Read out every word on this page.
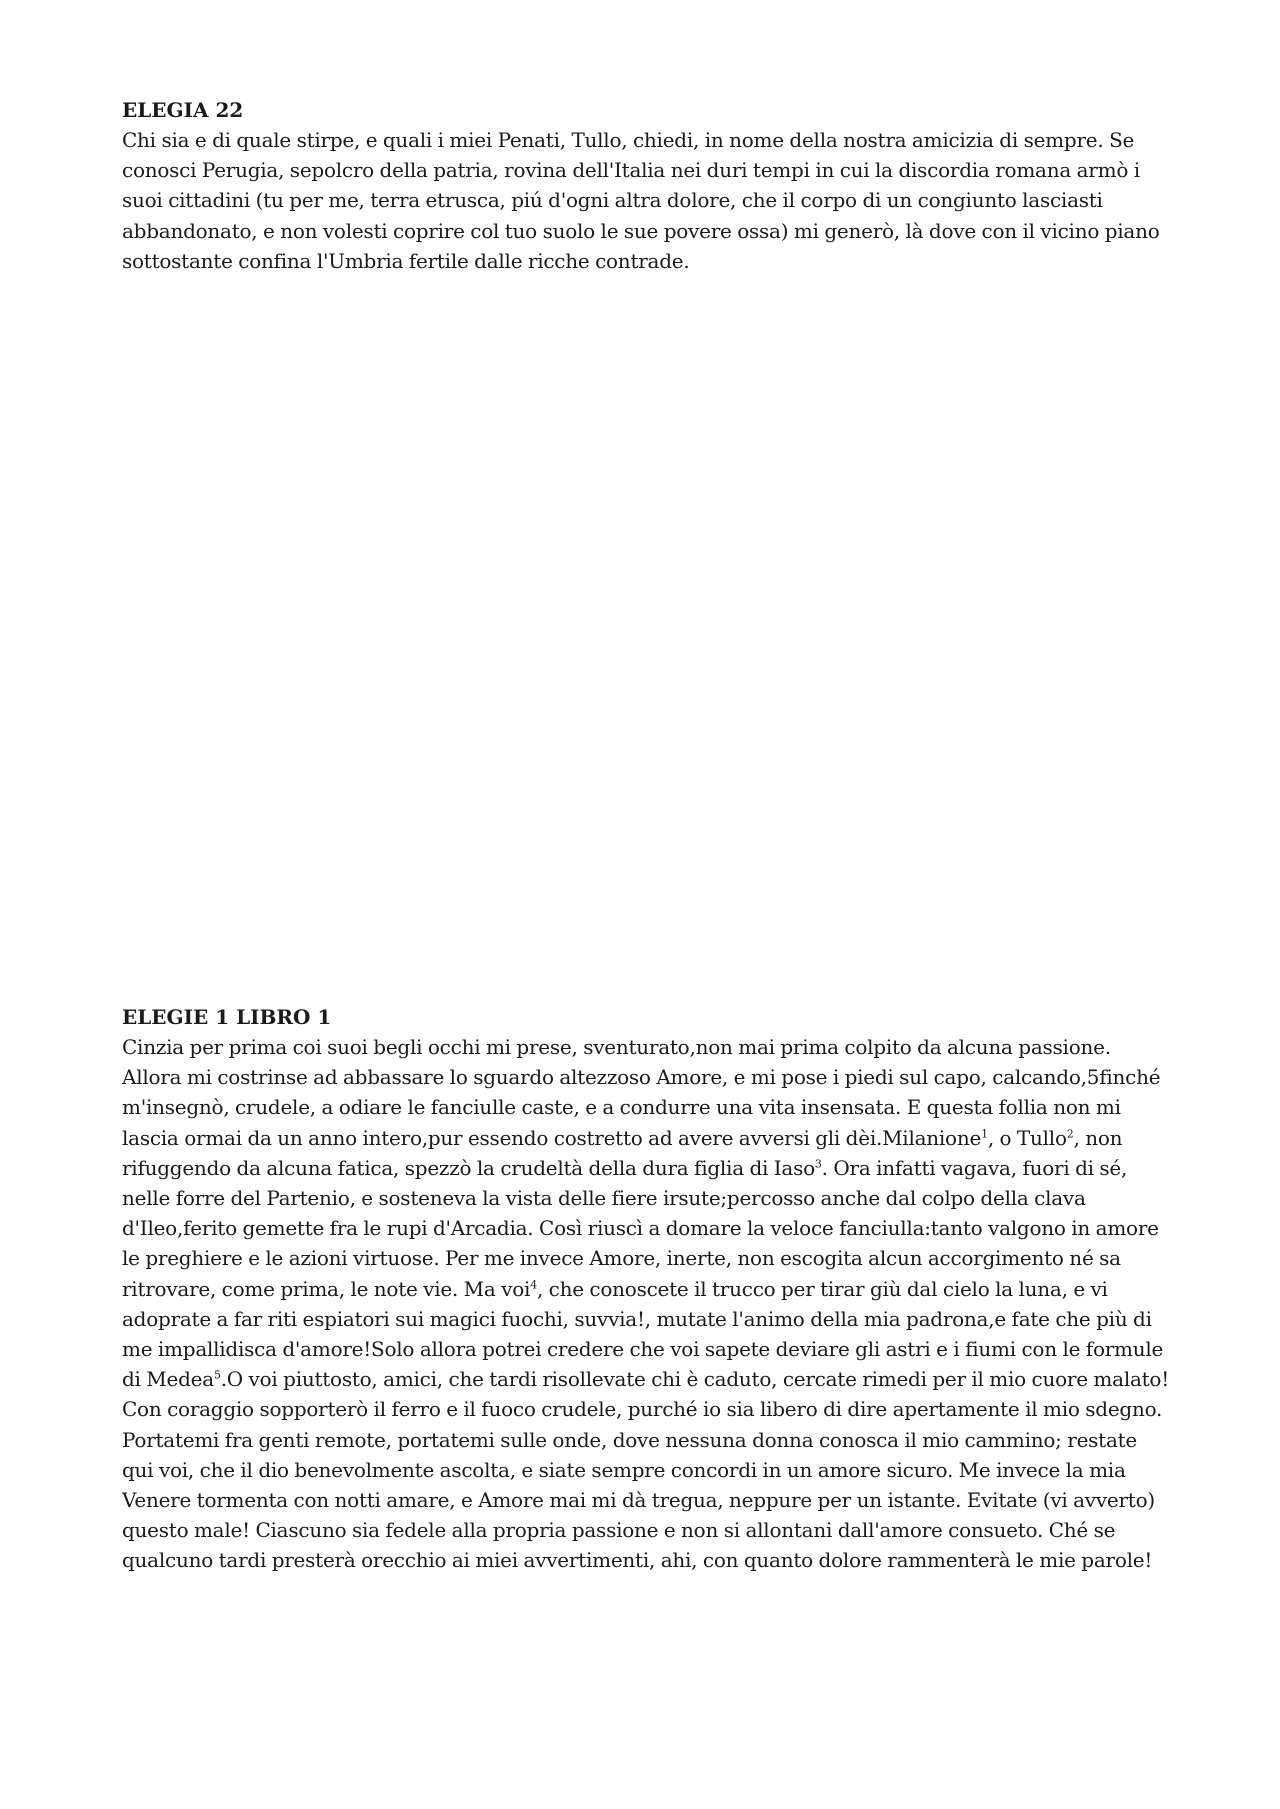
ELEGIA 22

Chi sia e di quale stirpe, e quali i miei Penati, Tullo, chiedi, in nome della nostra amicizia di sempre. Se conosci Perugia, sepolcro della patria, rovina dell'Italia nei duri tempi in cui la discordia romana armò i suoi cittadini (tu per me, terra etrusca, piú d'ogni altra dolore, che il corpo di un congiunto lasciasti abbandonato, e non volesti coprire col tuo suolo le sue povere ossa) mi generò, là dove con il vicino piano sottostante confina l'Umbria fertile dalle ricche contrade.

ELEGIE 1 LIBRO 1

Cinzia per prima coi suoi begli occhi mi prese, sventurato,non mai prima colpito da alcuna passione. Allora mi costrinse ad abbassare lo sguardo altezzoso Amore, e mi pose i piedi sul capo, calcando,5finché m'insegnò, crudele, a odiare le fanciulle caste, e a condurre una vita insensata. E questa follia non mi lascia ormai da un anno intero,pur essendo costretto ad avere avversi gli dèi.Milanione$^1$, o Tullo$^2$, non rifuggendo da alcuna fatica, spezzò la crudeltà della dura figlia di Iaso$^3$. Ora infatti vagava, fuori di sé, nelle forre del Partenio, e sosteneva la vista delle fiere irsute;percosso anche dal colpo della clava d'Ileo,ferito gemette fra le rupi d'Arcadia. Così riuscì a domare la veloce fanciulla:tanto valgono in amore le preghiere e le azioni virtuose. Per me invece Amore, inerte, non escogita alcun accorgimento né sa ritrovare, come prima, le note vie. Ma voi$^4$, che conoscete il trucco per tirar giù dal cielo la luna, e vi adoprate a far riti espiatori sui magici fuochi, suvvia!, mutate l'animo della mia padrona,e fate che più di me impallidisca d'amore!Solo allora potrei credere che voi sapete deviare gli astri e i fiumi con le formule di Medea$^5$.O voi piuttosto, amici, che tardi risollevate chi è caduto, cercate rimedi per il mio cuore malato! Con coraggio sopporterò il ferro e il fuoco crudele, purché io sia libero di dire apertamente il mio sdegno. Portatemi fra genti remote, portatemi sulle onde, dove nessuna donna conosca il mio cammino; restate qui voi, che il dio benevolmente ascolta, e siate sempre concordi in un amore sicuro. Me invece la mia Venere tormenta con notti amare, e Amore mai mi dà tregua, neppure per un istante. Evitate (vi avverto) questo male! Ciascuno sia fedele alla propria passione e non si allontani dall'amore consueto. Ché se qualcuno tardi presterà orecchio ai miei avvertimenti, ahi, con quanto dolore rammenterà le mie parole!
